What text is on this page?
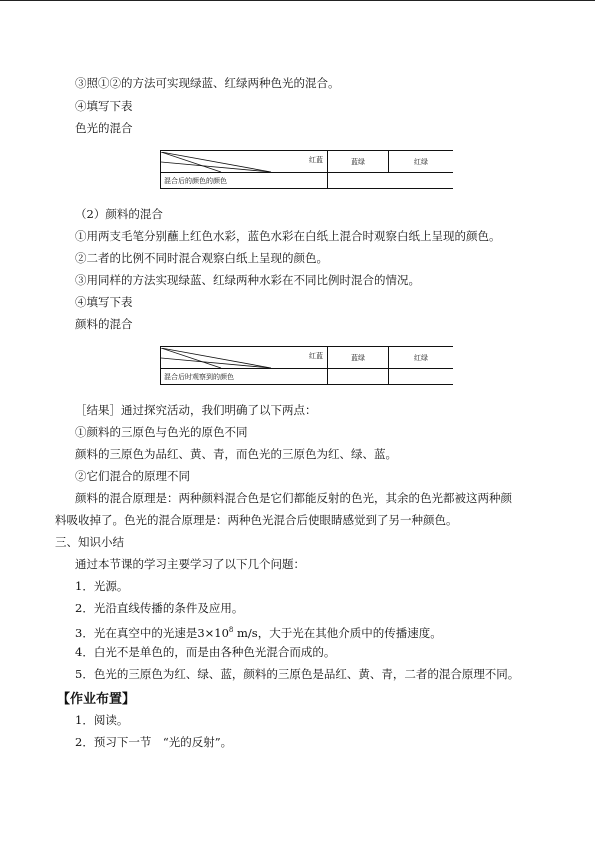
③照①②的方法可实现绿蓝、红绿两种色光的混合。
④填写下表
色光的混合
红蓝	蓝绿	红绿
混合后的颜色的颜色		
（2）颜料的混合
①用两支毛笔分别蘸上红色水彩，蓝色水彩在白纸上混合时观察白纸上呈现的颜色。
②二者的比例不同时混合观察白纸上呈现的颜色。
③用同样的方法实现绿蓝、红绿两种水彩在不同比例时混合的情况。
④填写下表
颜料的混合
红蓝	蓝绿	红绿
混合后时观察到的颜色		
［结果］通过探究活动，我们明确了以下两点：
①颜料的三原色与色光的原色不同
颜料的三原色为品红、黄、青，而色光的三原色为红、绿、蓝。
②它们混合的原理不同
颜料的混合原理是：两种颜料混合色是它们都能反射的色光，其余的色光都被这两种颜
料吸收掉了。色光的混合原理是：两种色光混合后使眼睛感觉到了另一种颜色。
三、知识小结
通过本节课的学习主要学习了以下几个问题：
1．光源。
2．光沿直线传播的条件及应用。
3．光在真空中的光速是$3\times 10^8$ m/s，大于光在其他介质中的传播速度。
4．白光不是单色的，而是由各种色光混合而成的。
5．色光的三原色为红、绿、蓝，颜料的三原色是品红、黄、青，二者的混合原理不同。
【作业布置】
1．阅读。
2．预习下一节　“光的反射”。
